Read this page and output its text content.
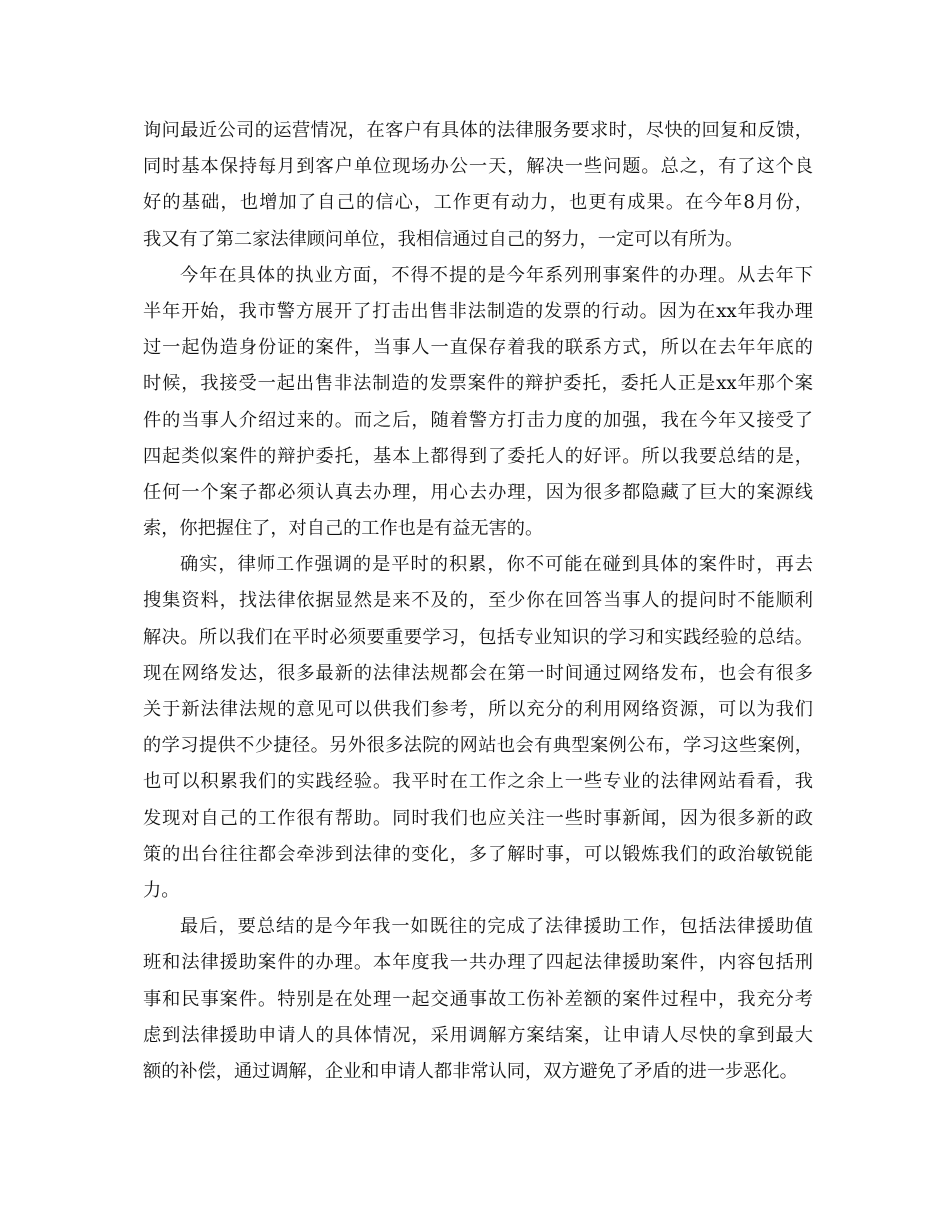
询问最近公司的运营情况，在客户有具体的法律服务要求时，尽快的回复和反馈，
同时基本保持每月到客户单位现场办公一天，解决一些问题。总之，有了这个良
好的基础，也增加了自己的信心，工作更有动力，也更有成果。在今年8月份，
我又有了第二家法律顾问单位，我相信通过自己的努力，一定可以有所为。
今年在具体的执业方面，不得不提的是今年系列刑事案件的办理。从去年下
半年开始，我市警方展开了打击出售非法制造的发票的行动。因为在xx年我办理
过一起伪造身份证的案件，当事人一直保存着我的联系方式，所以在去年年底的
时候，我接受一起出售非法制造的发票案件的辩护委托，委托人正是xx年那个案
件的当事人介绍过来的。而之后，随着警方打击力度的加强，我在今年又接受了
四起类似案件的辩护委托，基本上都得到了委托人的好评。所以我要总结的是，
任何一个案子都必须认真去办理，用心去办理，因为很多都隐藏了巨大的案源线
索，你把握住了，对自己的工作也是有益无害的。
确实，律师工作强调的是平时的积累，你不可能在碰到具体的案件时，再去
搜集资料，找法律依据显然是来不及的，至少你在回答当事人的提问时不能顺利
解决。所以我们在平时必须要重要学习，包括专业知识的学习和实践经验的总结。
现在网络发达，很多最新的法律法规都会在第一时间通过网络发布，也会有很多
关于新法律法规的意见可以供我们参考，所以充分的利用网络资源，可以为我们
的学习提供不少捷径。另外很多法院的网站也会有典型案例公布，学习这些案例，
也可以积累我们的实践经验。我平时在工作之余上一些专业的法律网站看看，我
发现对自己的工作很有帮助。同时我们也应关注一些时事新闻，因为很多新的政
策的出台往往都会牵涉到法律的变化，多了解时事，可以锻炼我们的政治敏锐能
力。
最后，要总结的是今年我一如既往的完成了法律援助工作，包括法律援助值
班和法律援助案件的办理。本年度我一共办理了四起法律援助案件，内容包括刑
事和民事案件。特别是在处理一起交通事故工伤补差额的案件过程中，我充分考
虑到法律援助申请人的具体情况，采用调解方案结案，让申请人尽快的拿到最大
额的补偿，通过调解，企业和申请人都非常认同，双方避免了矛盾的进一步恶化。
